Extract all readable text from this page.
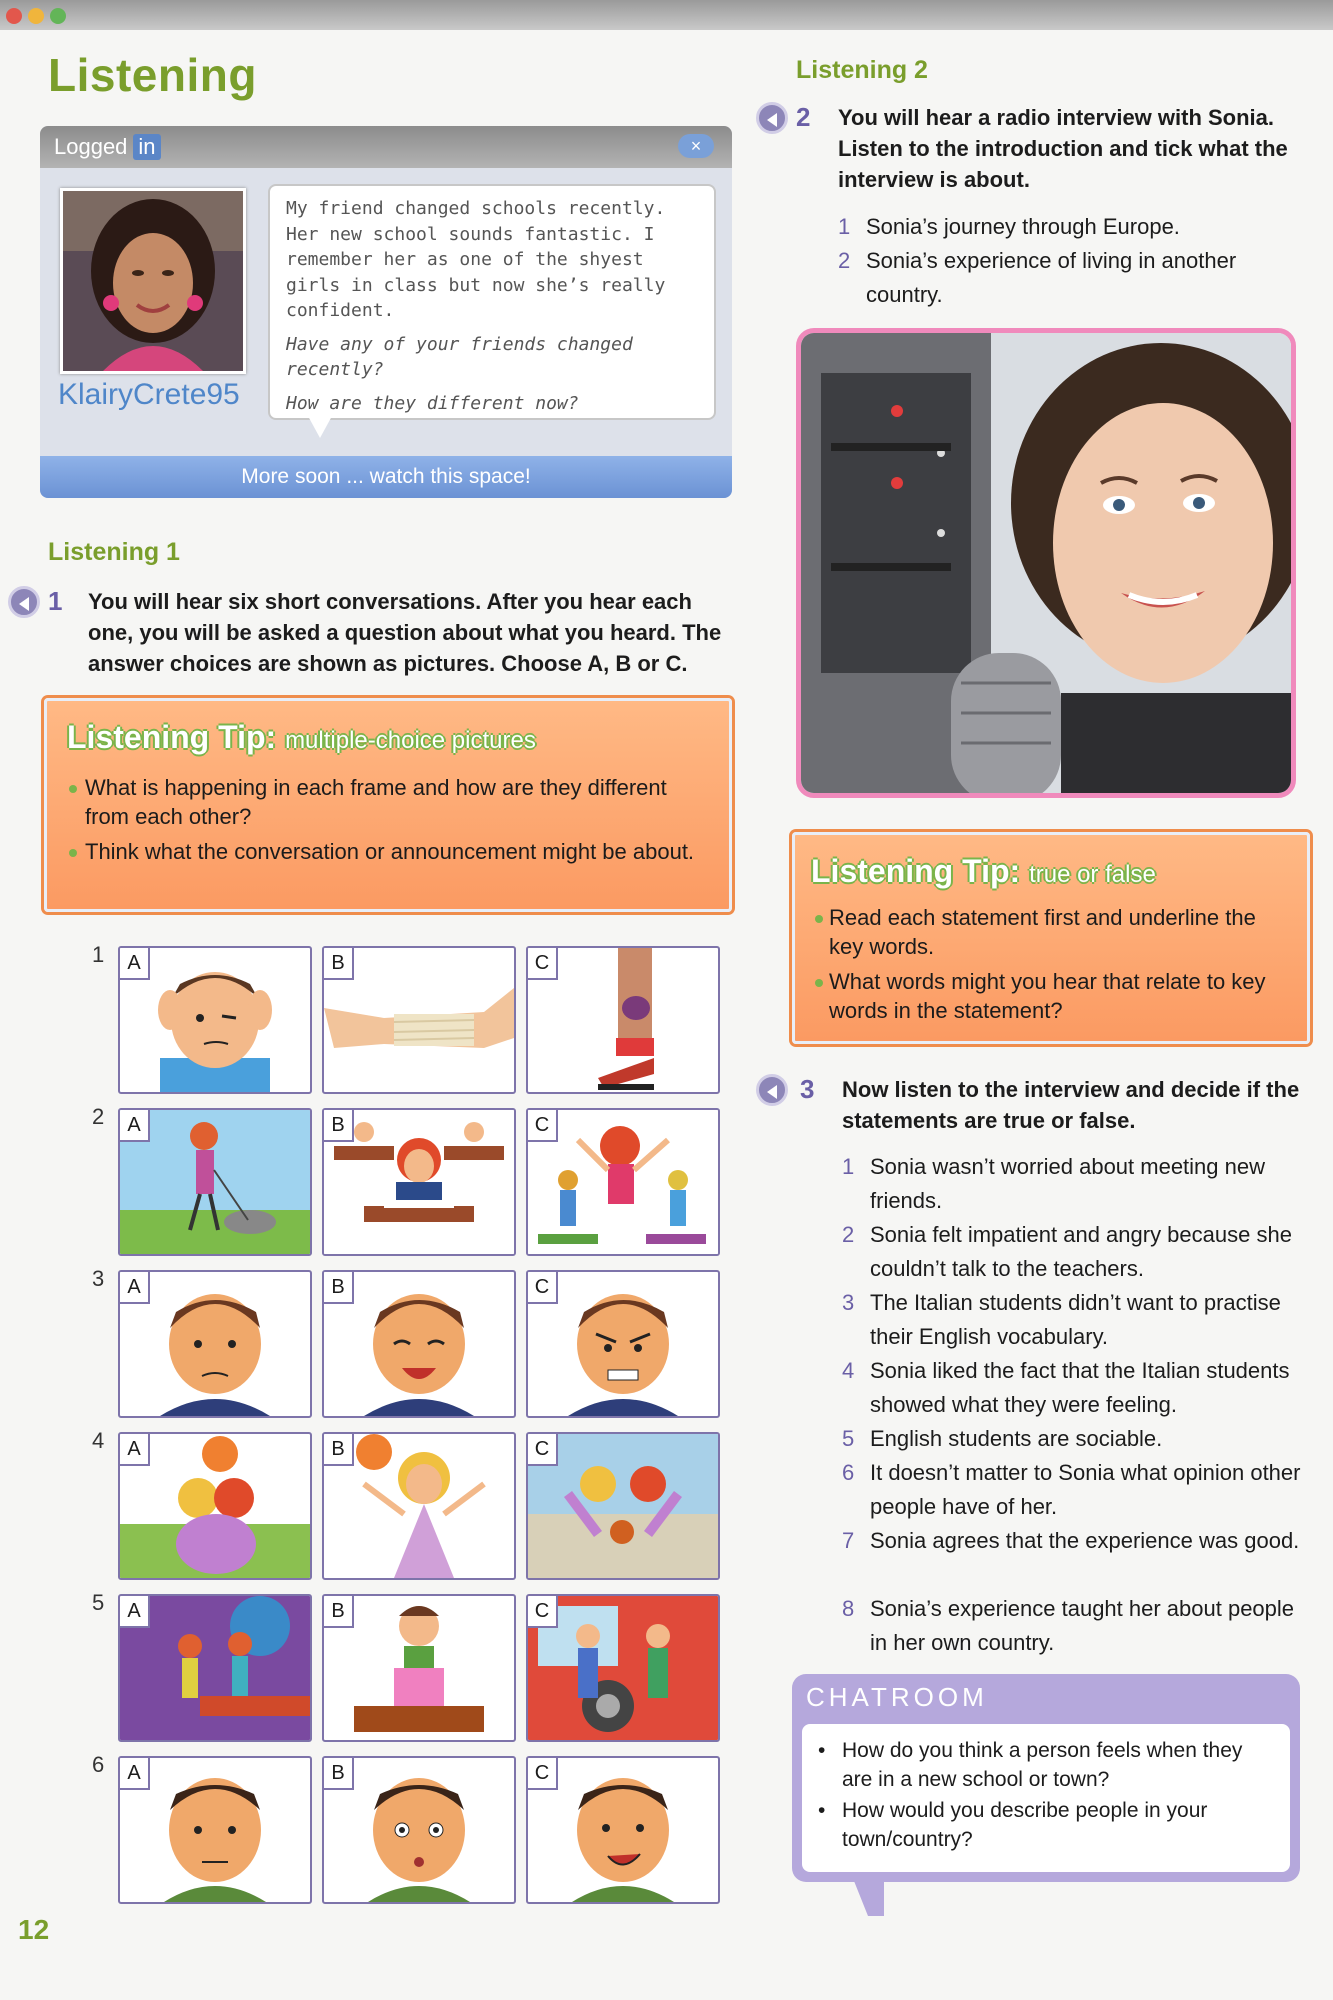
Listening
Logged in	×
KlairyCrete95

My friend changed schools recently. Her new school sounds fantastic. I remember her as one of the shyest girls in class but now she’s really confident.

Have any of your friends changed recently?

How are they different now?

More soon ... watch this space!
Listening 1
1 You will hear six short conversations. After you hear each one, you will be asked a question about what you heard. The answer choices are shown as pictures. Choose A, B or C.
Listening Tip: multiple-choice pictures
What is happening in each frame and how are they different from each other?
Think what the conversation or announcement might be about.
1	A	B	C
2	A	B	C
3	A	B	C
4	A	B	C
5	A	B	C
6	A	B	C
Listening 2
2 You will hear a radio interview with Sonia. Listen to the introduction and tick what the interview is about.
1 Sonia’s journey through Europe.
2 Sonia’s experience of living in another country.
Listening Tip: true or false
Read each statement first and underline the key words.
What words might you hear that relate to key words in the statement?
3 Now listen to the interview and decide if the statements are true or false.
1 Sonia wasn’t worried about meeting new friends.
2 Sonia felt impatient and angry because she couldn’t talk to the teachers.
3 The Italian students didn’t want to practise their English vocabulary.
4 Sonia liked the fact that the Italian students showed what they were feeling.
5 English students are sociable.
6 It doesn’t matter to Sonia what opinion other people have of her.
7 Sonia agrees that the experience was good.
8 Sonia’s experience taught her about people in her own country.
CHATROOM
• How do you think a person feels when they are in a new school or town?
• How would you describe people in your town/country?
12
